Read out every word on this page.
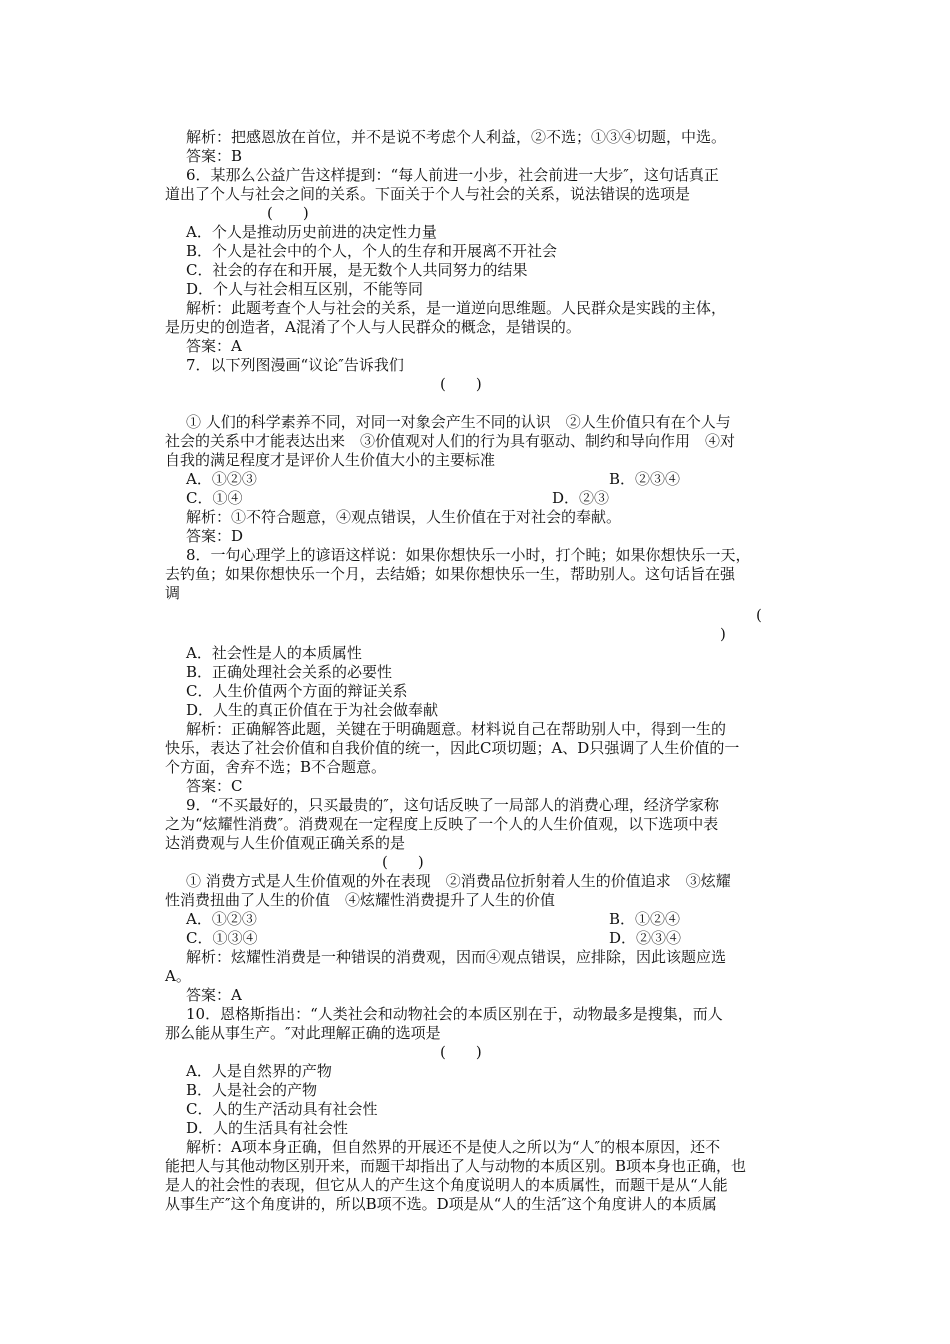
解析：把感恩放在首位，并不是说不考虑个人利益，②不选；①③④切题，中选。
答案：B
6．某那么公益广告这样提到：“每人前进一小步，社会前进一大步″，这句话真正
道出了个人与社会之间的关系。下面关于个人与社会的关系，说法错误的选项是
(　　)
A．个人是推动历史前进的决定性力量
B．个人是社会中的个人，个人的生存和开展离不开社会
C．社会的存在和开展，是无数个人共同努力的结果
D．个人与社会相互区别，不能等同
解析：此题考查个人与社会的关系，是一道逆向思维题。人民群众是实践的主体，
是历史的创造者，A混淆了个人与人民群众的概念，是错误的。
答案：A
7．以下列图漫画“议论″告诉我们
(　　)
① 人们的科学素养不同，对同一对象会产生不同的认识　②人生价值只有在个人与
社会的关系中才能表达出来　③价值观对人们的行为具有驱动、制约和导向作用　④对
自我的满足程度才是评价人生价值大小的主要标准
A．①②③	B．②③④
C．①④	D．②③
解析：①不符合题意，④观点错误，人生价值在于对社会的奉献。
答案：D
8．一句心理学上的谚语这样说：如果你想快乐一小时，打个盹；如果你想快乐一天，
去钓鱼；如果你想快乐一个月，去结婚；如果你想快乐一生，帮助别人。这句话旨在强
调
(
)
A．社会性是人的本质属性
B．正确处理社会关系的必要性
C．人生价值两个方面的辩证关系
D．人生的真正价值在于为社会做奉献
解析：正确解答此题，关键在于明确题意。材料说自己在帮助别人中，得到一生的
快乐，表达了社会价值和自我价值的统一，因此C项切题；A、D只强调了人生价值的一
个方面，舍弃不选；B不合题意。
答案：C
9．“不买最好的，只买最贵的″，这句话反映了一局部人的消费心理，经济学家称
之为“炫耀性消费″。消费观在一定程度上反映了一个人的人生价值观，以下选项中表
达消费观与人生价值观正确关系的是
(　　)
① 消费方式是人生价值观的外在表现　②消费品位折射着人生的价值追求　③炫耀
性消费扭曲了人生的价值　④炫耀性消费提升了人生的价值
A．①②③	B．①②④
C．①③④	D．②③④
解析：炫耀性消费是一种错误的消费观，因而④观点错误，应排除，因此该题应选
A。
答案：A
10．恩格斯指出：“人类社会和动物社会的本质区别在于，动物最多是搜集，而人
那么能从事生产。″对此理解正确的选项是
(　　)
A．人是自然界的产物
B．人是社会的产物
C．人的生产活动具有社会性
D．人的生活具有社会性
解析：A项本身正确，但自然界的开展还不是使人之所以为“人″的根本原因，还不
能把人与其他动物区别开来，而题干却指出了人与动物的本质区别。B项本身也正确，也
是人的社会性的表现，但它从人的产生这个角度说明人的本质属性，而题干是从“人能
从事生产″这个角度讲的，所以B项不选。D项是从“人的生活″这个角度讲人的本质属
